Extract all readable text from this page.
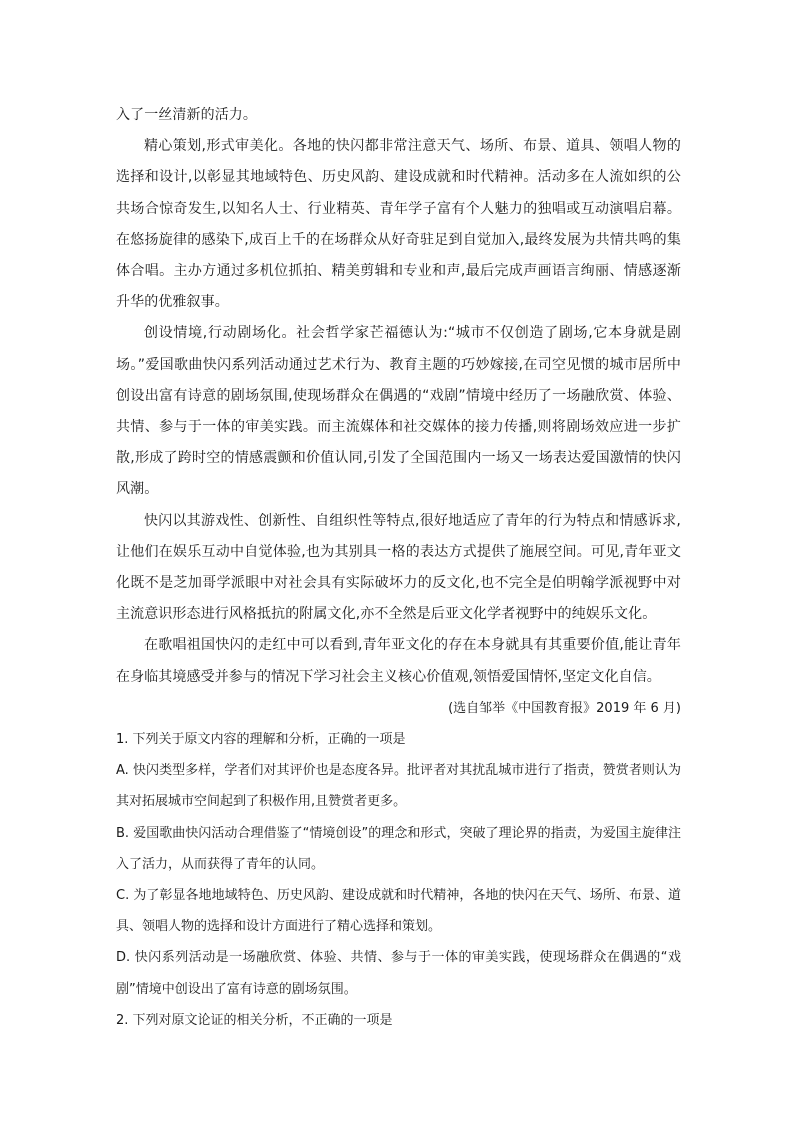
入了一丝清新的活力。

精心策划,形式审美化。各地的快闪都非常注意天气、场所、布景、道具、领唱人物的选择和设计,以彰显其地域特色、历史风韵、建设成就和时代精神。活动多在人流如织的公共场合惊奇发生,以知名人士、行业精英、青年学子富有个人魅力的独唱或互动演唱启幕。在悠扬旋律的感染下,成百上千的在场群众从好奇驻足到自觉加入,最终发展为共情共鸣的集体合唱。主办方通过多机位抓拍、精美剪辑和专业和声,最后完成声画语言绚丽、情感逐渐升华的优雅叙事。

创设情境,行动剧场化。社会哲学家芒福德认为:“城市不仅创造了剧场,它本身就是剧场。”爱国歌曲快闪系列活动通过艺术行为、教育主题的巧妙嫁接,在司空见惯的城市居所中创设出富有诗意的剧场氛围,使现场群众在偶遇的“戏剧”情境中经历了一场融欣赏、体验、共情、参与于一体的审美实践。而主流媒体和社交媒体的接力传播,则将剧场效应进一步扩散,形成了跨时空的情感震颤和价值认同,引发了全国范围内一场又一场表达爱国激情的快闪风潮。

快闪以其游戏性、创新性、自组织性等特点,很好地适应了青年的行为特点和情感诉求,让他们在娱乐互动中自觉体验,也为其别具一格的表达方式提供了施展空间。可见,青年亚文化既不是芝加哥学派眼中对社会具有实际破坏力的反文化,也不完全是伯明翰学派视野中对主流意识形态进行风格抵抗的附属文化,亦不全然是后亚文化学者视野中的纯娱乐文化。

在歌唱祖国快闪的走红中可以看到,青年亚文化的存在本身就具有其重要价值,能让青年在身临其境感受并参与的情况下学习社会主义核心价值观,领悟爱国情怀,坚定文化自信。

(选自邹举《中国教育报》2019 年 6 月)

1. 下列关于原文内容的理解和分析，正确的一项是

A. 快闪类型多样，学者们对其评价也是态度各异。批评者对其扰乱城市进行了指责，赞赏者则认为其对拓展城市空间起到了积极作用,且赞赏者更多。

B. 爱国歌曲快闪活动合理借鉴了“情境创设”的理念和形式，突破了理论界的指责，为爱国主旋律注入了活力，从而获得了青年的认同。

C. 为了彰显各地地域特色、历史风韵、建设成就和时代精神，各地的快闪在天气、场所、布景、道具、领唱人物的选择和设计方面进行了精心选择和策划。

D. 快闪系列活动是一场融欣赏、体验、共情、参与于一体的审美实践，使现场群众在偶遇的“戏剧”情境中创设出了富有诗意的剧场氛围。

2. 下列对原文论证的相关分析，不正确的一项是
